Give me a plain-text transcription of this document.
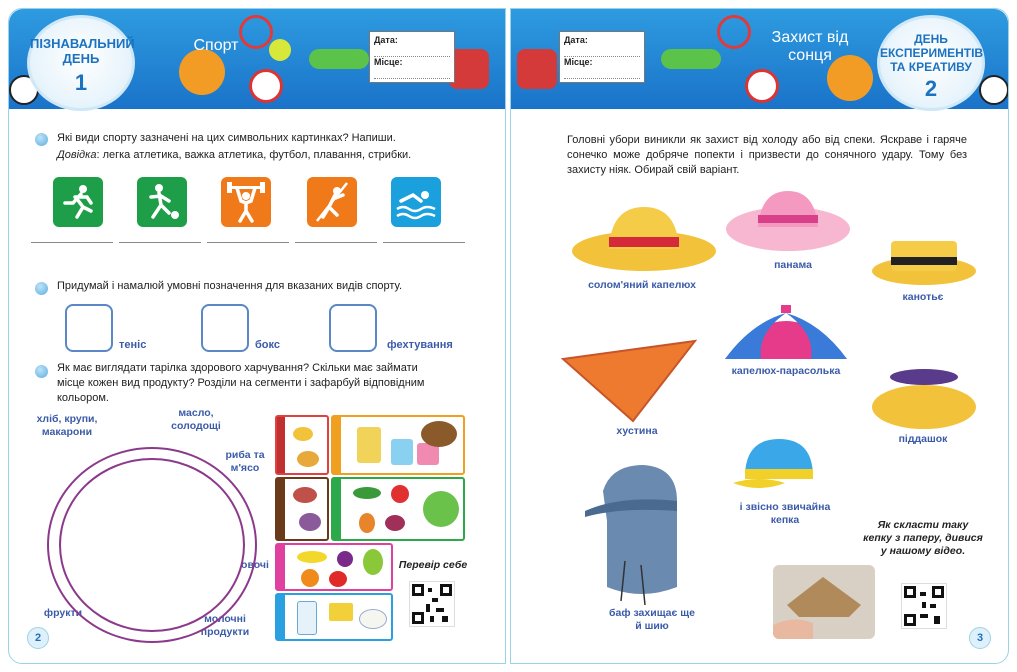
ПІЗНАВАЛЬНИЙ ДЕНЬ
1
Спорт	Дата:
Місце:
Які види спорту зазначені на цих символьних картинках? Напиши.
Довідка: легка атлетика, важка атлетика, футбол, плавання, стрибки.
Придумай і намалюй умовні позначення для вказаних видів спорту.
теніс	бокс	фехтування
Як має виглядати тарілка здорового харчування? Скільки має займати місце кожен вид продукту? Розділи на сегменти і зафарбуй відповідним кольором.
хліб, крупи, макарони
масло, солодощі
риба та м'ясо
овочі
фрукти	молочні продукти
Перевір себе
2
Дата:
Місце:
Захист від сонця
ДЕНЬ ЕКСПЕРИМЕНТІВ ТА КРЕАТИВУ
2
Головні убори виникли як захист від холоду або від спеки. Яскраве і гаряче сонечко може добряче попекти і призвести до сонячного удару. Тому без захисту ніяк. Обирай свій варіант.
солом'яний капелюх
панама
канотьє
капелюх-парасолька
хустина
піддашок
і звісно звичайна кепка
баф захищає ще й шию
Як скласти таку кепку з паперу, дивися у нашому відео.
3
